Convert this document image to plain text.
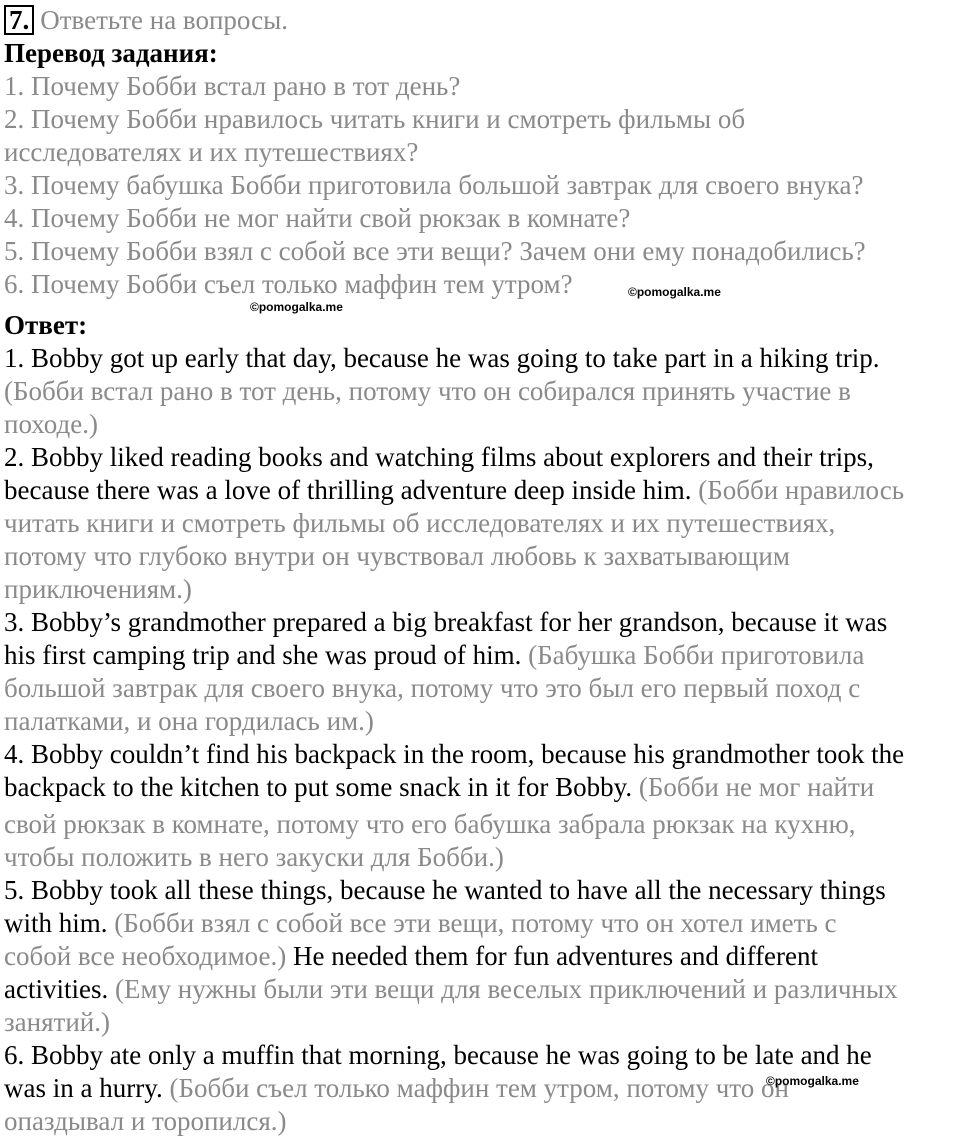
7. Ответьте на вопросы.
Перевод задания:
1. Почему Бобби встал рано в тот день?
2. Почему Бобби нравилось читать книги и смотреть фильмы об
исследователях и их путешествиях?
3. Почему бабушка Бобби приготовила большой завтрак для своего внука?
4. Почему Бобби не мог найти свой рюкзак в комнате?
5. Почему Бобби взял с собой все эти вещи? Зачем они ему понадобились?
6. Почему Бобби съел только маффин тем утром?
Ответ:
1. Bobby got up early that day, because he was going to take part in a hiking trip.
(Бобби встал рано в тот день, потому что он собирался принять участие в
походе.)
2. Bobby liked reading books and watching films about explorers and their trips,
because there was a love of thrilling adventure deep inside him. (Бобби нравилось
читать книги и смотреть фильмы об исследователях и их путешествиях,
потому что глубоко внутри он чувствовал любовь к захватывающим
приключениям.)
3. Bobby’s grandmother prepared a big breakfast for her grandson, because it was
his first camping trip and she was proud of him. (Бабушка Бобби приготовила
большой завтрак для своего внука, потому что это был его первый поход с
палатками, и она гордилась им.)
4. Bobby couldn’t find his backpack in the room, because his grandmother took the
backpack to the kitchen to put some snack in it for Bobby. (Бобби не мог найти
свой рюкзак в комнате, потому что его бабушка забрала рюкзак на кухню,
чтобы положить в него закуски для Бобби.)
5. Bobby took all these things, because he wanted to have all the necessary things
with him. (Бобби взял с собой все эти вещи, потому что он хотел иметь с
собой все необходимое.) He needed them for fun adventures and different
activities. (Ему нужны были эти вещи для веселых приключений и различных
занятий.)
6. Bobby ate only a muffin that morning, because he was going to be late and he
was in a hurry. (Бобби съел только маффин тем утром, потому что он
опаздывал и торопился.)
©pomogalka.me
©pomogalka.me
©pomogalka.me
